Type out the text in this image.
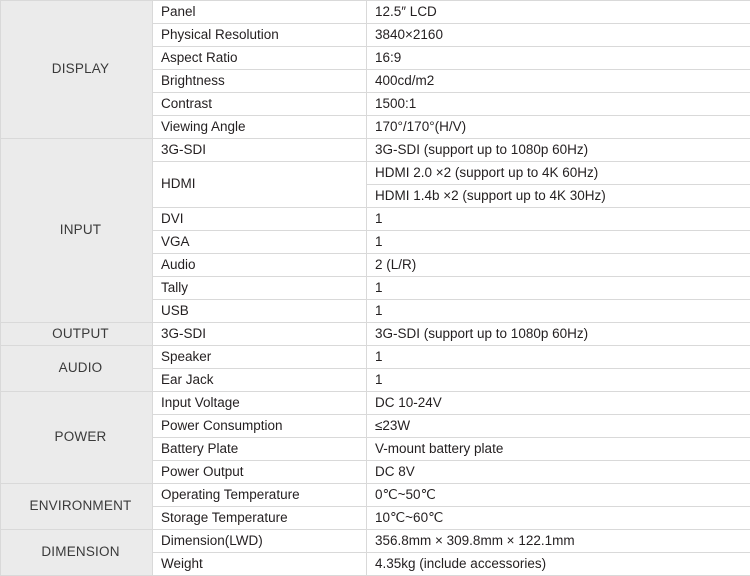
DISPLAY	Panel	12.5″ LCD
	Physical Resolution	3840×2160
	Aspect Ratio	16:9
	Brightness	400cd/m2
	Contrast	1500:1
	Viewing Angle	170°/170°(H/V)
INPUT	3G-SDI	3G-SDI (support up to 1080p 60Hz)
	HDMI	HDMI 2.0 ×2 (support up to 4K 60Hz)
		HDMI 1.4b ×2 (support up to 4K 30Hz)
	DVI	1
	VGA	1
	Audio	2 (L/R)
	Tally	1
	USB	1
OUTPUT	3G-SDI	3G-SDI (support up to 1080p 60Hz)
AUDIO	Speaker	1
	Ear Jack	1
POWER	Input Voltage	DC 10-24V
	Power Consumption	≤23W
	Battery Plate	V-mount battery plate
	Power Output	DC 8V
ENVIRONMENT	Operating Temperature	0℃~50℃
	Storage Temperature	10℃~60℃
DIMENSION	Dimension(LWD)	356.8mm × 309.8mm × 122.1mm
	Weight	4.35kg (include accessories)
